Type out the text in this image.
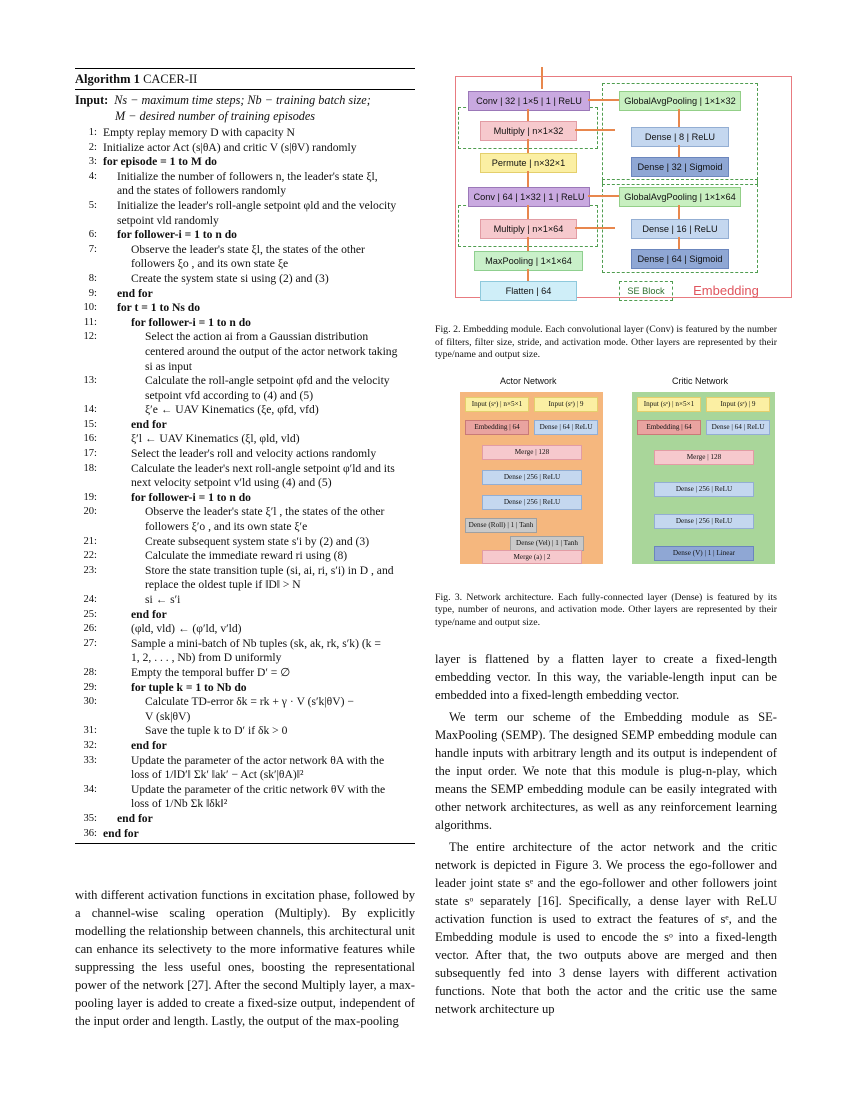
Algorithm 1 CACER-II
Input: Ns − maximum time steps; Nb − training batch size;
M − desired number of training episodes
1: Empty replay memory D with capacity N
2: Initialize actor Act (s|θA) and critic V (s|θV) randomly
3: for episode = 1 to M do
4:	Initialize the number of followers n, the leader's state ξl,
and the states of followers randomly
5:	Initialize the leader's roll-angle setpoint φld and the velocity
setpoint vld randomly
6:	for follower-i = 1 to n do
7:	Observe the leader's state ξl, the states of the other
followers ξo , and its own state ξe
8:	Create the system state si using (2) and (3)
9:	end for
10:	for t = 1 to Ns do
11:	for follower-i = 1 to n do
12:	Select the action ai from a Gaussian distribution
centered around the output of the actor network taking
si as input
13:	Calculate the roll-angle setpoint φfd and the velocity
setpoint vfd according to (4) and (5)
14:	ξ′e ← UAV Kinematics (ξe, φfd, vfd)
15:	end for
16:	ξ′l ← UAV Kinematics (ξl, φld, vld)
17:	Select the leader's roll and velocity actions randomly
18:	Calculate the leader's next roll-angle setpoint φ′ld and its
next velocity setpoint v′ld using (4) and (5)
19:	for follower-i = 1 to n do
20:	Observe the leader's state ξ′l , the states of the other
followers ξ′o , and its own state ξ′e
21:	Create subsequent system state s′i by (2) and (3)
22:	Calculate the immediate reward ri using (8)
23:	Store the state transition tuple (si, ai, ri, s′i) in D , and
replace the oldest tuple if ‖D‖ > N
24:	si ← s′i
25:	end for
26:	(φld, vld) ← (φ′ld, v′ld)
27:	Sample a mini-batch of Nb tuples (sk, ak, rk, s′k) (k =
1, 2, . . . , Nb) from D uniformly
28:	Empty the temporal buffer D′ = ∅
29:	for tuple k = 1 to Nb do
30:	Calculate TD-error δk = rk + γ · V (s′k|θV) −
V (sk|θV)
31:	Save the tuple k to D′ if δk > 0
32:	end for
33:	Update the parameter of the actor network θA with the
loss of 1/‖D′‖ Σk′ ‖ak′ − Act (sk′|θA)‖²
34:	Update the parameter of the critic network θV with the
loss of 1/Nb Σk ‖δk‖²
35:	end for
36: end for

with different activation functions in excitation phase, followed by a channel-wise scaling operation (Multiply). By explicitly modelling the relationship between channels, this architectural unit can enhance its selectivety to the more informative features while suppressing the less useful ones, boosting the representational power of the network [27]. After the second Multiply layer, a max-pooling layer is added to create a fixed-size output, independent of the input order and length. Lastly, the output of the max-pooling

Conv | 32 | 1×5 | 1 | ReLU
Multiply | n×1×32
Permute | n×32×1
Conv | 64 | 1×32 | 1 | ReLU
Multiply | n×1×64
MaxPooling | 1×1×64
Flatten | 64
GlobalAvgPooling | 1×1×32
Dense | 8 | ReLU
Dense | 32 | Sigmoid
GlobalAvgPooling | 1×1×64
Dense | 16 | ReLU
Dense | 64 | Sigmoid
SE Block	Embedding

Fig. 2. Embedding module. Each convolutional layer (Conv) is featured by the number of filters, filter size, stride, and activation mode. Other layers are represented by their type/name and output size.

Actor Network	Critic Network
Input (sᵒ) | n×5×1	Input (sᵉ) | 9
Embedding | 64	Dense | 64 | ReLU
Merge | 128
Dense | 256 | ReLU
Dense | 256 | ReLU
Dense (Roll) | 1 | Tanh
Dense (Vel) | 1 | Tanh
Merge (a) | 2
Input (sᵒ) | n×5×1	Input (sᵉ) | 9
Embedding | 64	Dense | 64 | ReLU
Merge | 128
Dense | 256 | ReLU
Dense | 256 | ReLU
Dense (V) | 1 | Linear

Fig. 3. Network architecture. Each fully-connected layer (Dense) is featured by its type, number of neurons, and activation mode. Other layers are represented by their type/name and output size.

layer is flattened by a flatten layer to create a fixed-length embedding vector. In this way, the variable-length input can be embedded into a fixed-length embedding vector.

We term our scheme of the Embedding module as SE-MaxPooling (SEMP). The designed SEMP embedding module can handle inputs with arbitrary length and its output is independent of the input order. We note that this module is plug-n-play, which means the SEMP embedding module can be easily integrated with other network architectures, as well as any reinforcement learning algorithms.

The entire architecture of the actor network and the critic network is depicted in Figure 3. We process the ego-follower and leader joint state sᵉ and the ego-follower and other followers joint state sᵒ separately [16]. Specifically, a dense layer with ReLU activation function is used to extract the features of sᵉ, and the Embedding module is used to encode the sᵒ into a fixed-length vector. After that, the two outputs above are merged and then subsequently fed into 3 dense layers with different activation functions. Note that both the actor and the critic use the same network architecture up
